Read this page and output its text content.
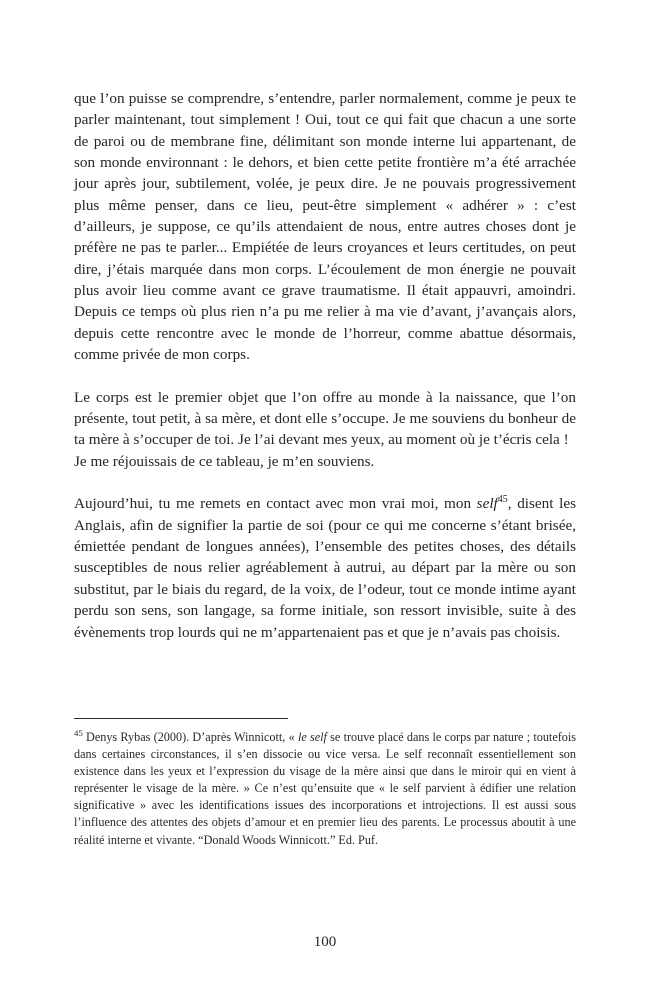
que l’on puisse se comprendre, s’entendre, parler normalement, comme je peux te parler maintenant, tout simplement ! Oui, tout ce qui fait que chacun a une sorte de paroi ou de membrane fine, délimitant son monde interne lui appartenant, de son monde environnant : le dehors, et bien cette petite frontière m’a été arrachée jour après jour, subtilement, volée, je peux dire. Je ne pouvais progressivement plus même penser, dans ce lieu, peut-être simplement « adhérer » : c’est d’ailleurs, je suppose, ce qu’ils attendaient de nous, entre autres choses dont je préfère ne pas te parler... Empiétée de leurs croyances et leurs certitudes, on peut dire, j’étais marquée dans mon corps. L’écoulement de mon énergie ne pouvait plus avoir lieu comme avant ce grave traumatisme. Il était appauvri, amoindri. Depuis ce temps où plus rien n’a pu me relier à ma vie d’avant, j’avançais alors, depuis cette rencontre avec le monde de l’horreur, comme abattue désormais, comme privée de mon corps.

Le corps est le premier objet que l’on offre au monde à la naissance, que l’on présente, tout petit, à sa mère, et dont elle s’occupe. Je me souviens du bonheur de ta mère à s’occuper de toi. Je l’ai devant mes yeux, au moment où je t’écris cela !
Je me réjouissais de ce tableau, je m’en souviens.

Aujourd’hui, tu me remets en contact avec mon vrai moi, mon self$^{45}$, disent les Anglais, afin de signifier la partie de soi (pour ce qui me concerne s’étant brisée, émiettée pendant de longues années), l’ensemble des petites choses, des détails susceptibles de nous relier agréablement à autrui, au départ par la mère ou son substitut, par le biais du regard, de la voix, de l’odeur, tout ce monde intime ayant perdu son sens, son langage, sa forme initiale, son ressort invisible, suite à des évènements trop lourds qui ne m’appartenaient pas et que je n’avais pas choisis.

$^{45}$ Denys Rybas (2000). D’après Winnicott, « le self se trouve placé dans le corps par nature ; toutefois dans certaines circonstances, il s’en dissocie ou vice versa. Le self reconnaît essentiellement son existence dans les yeux et l’expression du visage de la mère ainsi que dans le miroir qui en vient à représenter le visage de la mère. » Ce n’est qu’ensuite que « le self parvient à édifier une relation significative » avec les identifications issues des incorporations et introjections. Il est aussi sous l’influence des attentes des objets d’amour et en premier lieu des parents. Le processus aboutit à une réalité interne et vivante. “Donald Woods Winnicott.” Ed. Puf.

100
